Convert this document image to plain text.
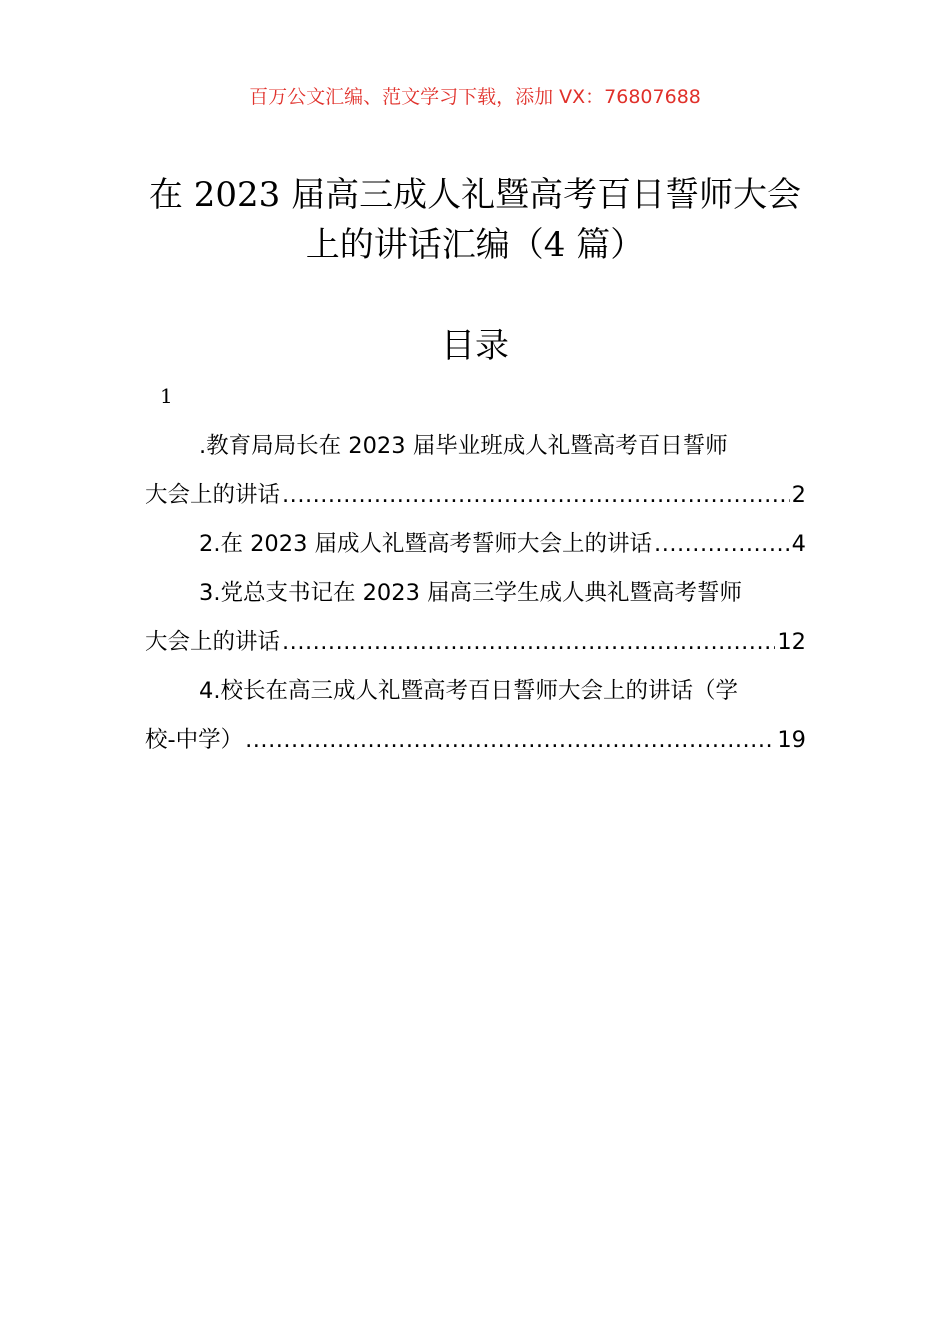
百万公文汇编、范文学习下载，添加 VX：76807688
在 2023 届高三成人礼暨高考百日誓师大会
上的讲话汇编（4 篇）
目录
1
.教育局局长在 2023 届毕业班成人礼暨高考百日誓师
大会上的讲话 .....	2
2.在 2023 届成人礼暨高考誓师大会上的讲话 .....	4
3.党总支书记在 2023 届高三学生成人典礼暨高考誓师
大会上的讲话 .....	12
4.校长在高三成人礼暨高考百日誓师大会上的讲话（学
校-中学） .....	19
